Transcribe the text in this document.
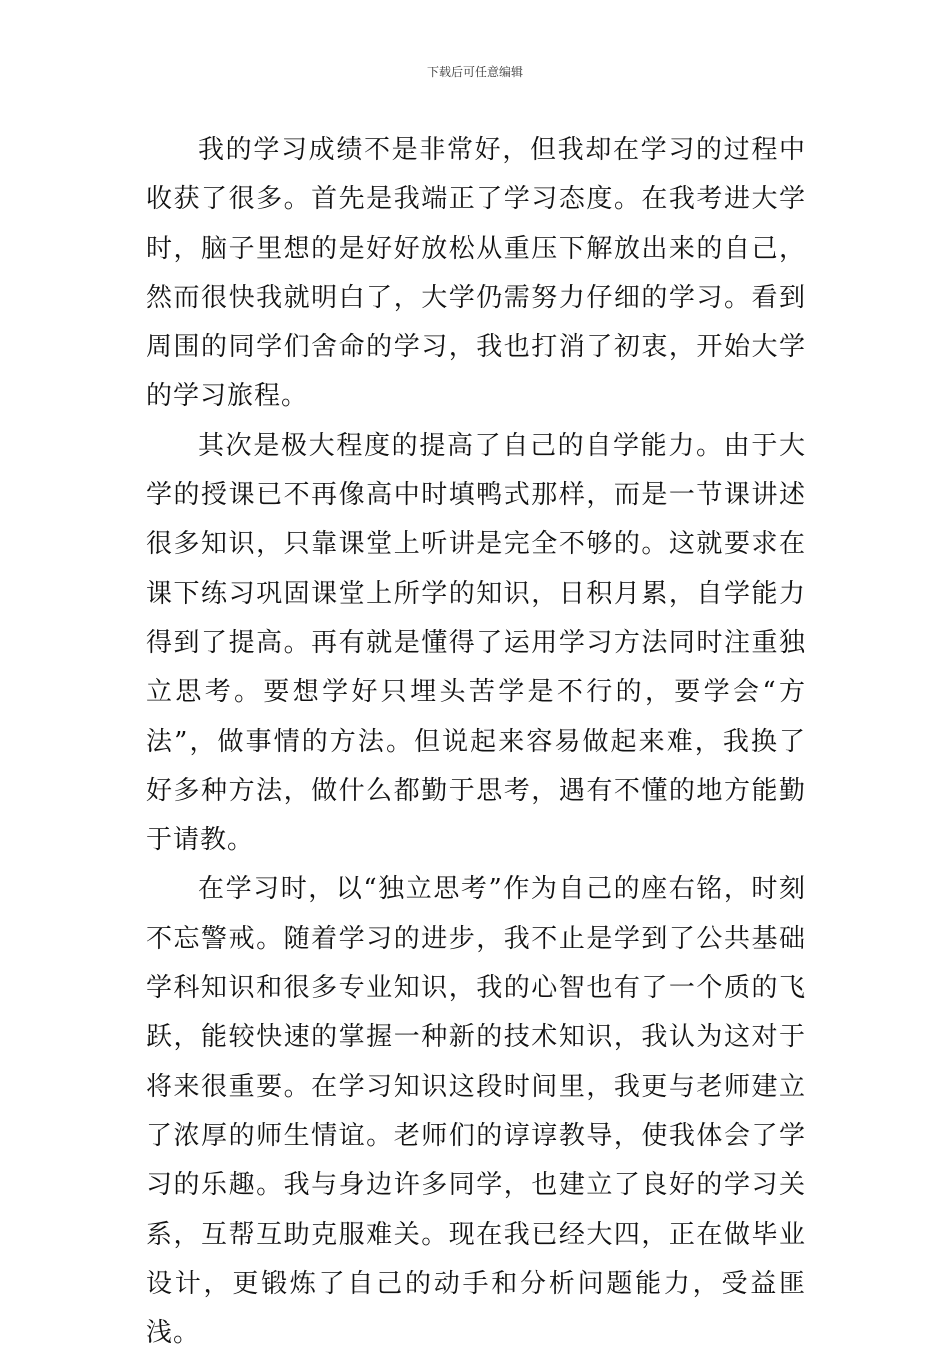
下载后可任意编辑

我的学习成绩不是非常好，但我却在学习的过程中收获了很多。首先是我端正了学习态度。在我考进大学时，脑子里想的是好好放松从重压下解放出来的自己，然而很快我就明白了，大学仍需努力仔细的学习。看到周围的同学们舍命的学习，我也打消了初衷，开始大学的学习旅程。

其次是极大程度的提高了自己的自学能力。由于大学的授课已不再像高中时填鸭式那样，而是一节课讲述很多知识，只靠课堂上听讲是完全不够的。这就要求在课下练习巩固课堂上所学的知识，日积月累，自学能力得到了提高。再有就是懂得了运用学习方法同时注重独立思考。要想学好只埋头苦学是不行的，要学会“方法”，做事情的方法。但说起来容易做起来难，我换了好多种方法，做什么都勤于思考，遇有不懂的地方能勤于请教。

在学习时，以“独立思考”作为自己的座右铭，时刻不忘警戒。随着学习的进步，我不止是学到了公共基础学科知识和很多专业知识，我的心智也有了一个质的飞跃，能较快速的掌握一种新的技术知识，我认为这对于将来很重要。在学习知识这段时间里，我更与老师建立了浓厚的师生情谊。老师们的谆谆教导，使我体会了学习的乐趣。我与身边许多同学，也建立了良好的学习关系，互帮互助克服难关。现在我已经大四，正在做毕业设计，更锻炼了自己的动手和分析问题能力，受益匪浅。
